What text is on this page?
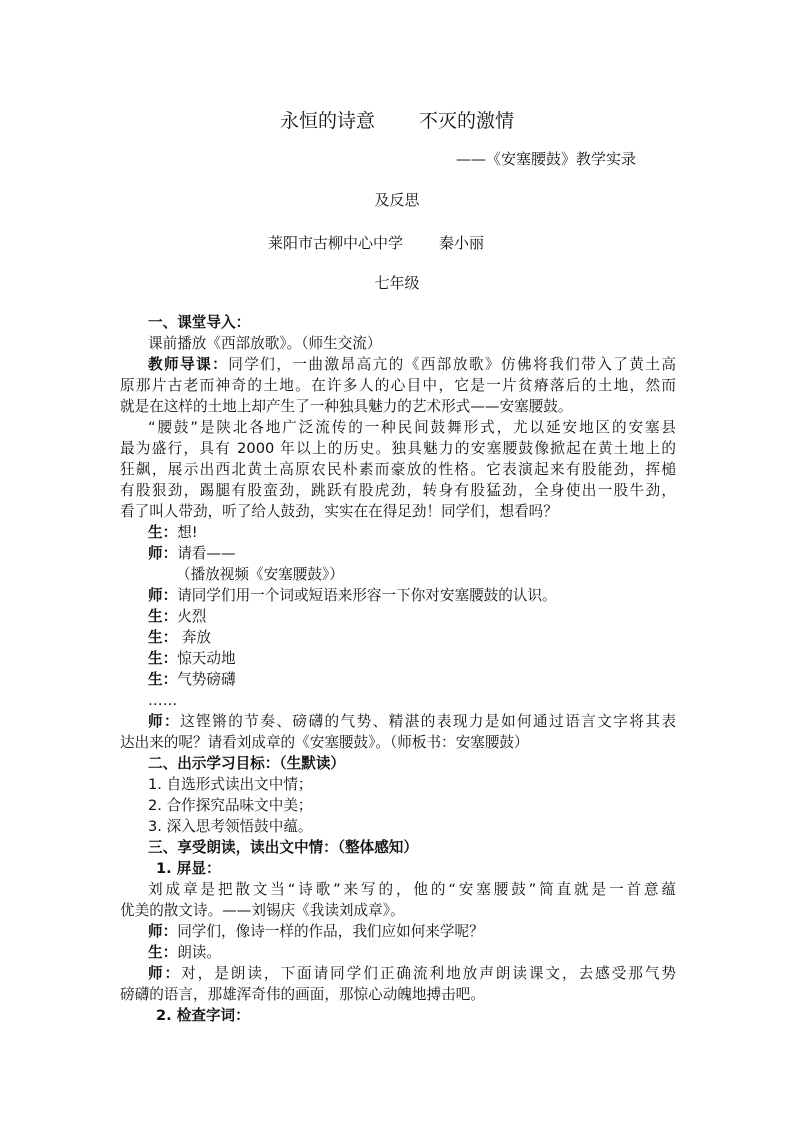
永恒的诗意 不灭的激情
——《安塞腰鼓》教学实录
及反思
莱阳市古柳中心中学 秦小丽
七年级

一、课堂导入：

课前播放《西部放歌》。（师生交流）

教师导课：同学们，一曲激昂高亢的《西部放歌》仿佛将我们带入了黄土高

原那片古老而神奇的土地。在许多人的心目中，它是一片贫瘠落后的土地，然而

就是在这样的土地上却产生了一种独具魅力的艺术形式——安塞腰鼓。

“腰鼓”是陕北各地广泛流传的一种民间鼓舞形式，尤以延安地区的安塞县

最为盛行，具有 2000 年以上的历史。独具魅力的安塞腰鼓像掀起在黄土地上的

狂飙，展示出西北黄土高原农民朴素而豪放的性格。它表演起来有股能劲，挥槌

有股狠劲，踢腿有股蛮劲，跳跃有股虎劲，转身有股猛劲，全身使出一股牛劲，

看了叫人带劲，听了给人鼓劲，实实在在得足劲！同学们，想看吗？

生：想!

师：请看——

（播放视频《安塞腰鼓》）

师：请同学们用一个词或短语来形容一下你对安塞腰鼓的认识。

生：火烈

生： 奔放

生：惊天动地

生：气势磅礴

……

师：这铿锵的节奏、磅礴的气势、精湛的表现力是如何通过语言文字将其表

达出来的呢？请看刘成章的《安塞腰鼓》。（师板书：安塞腰鼓）

二、出示学习目标：（生默读）

1. 自选形式读出文中情；

2. 合作探究品味文中美；

3. 深入思考领悟鼓中蕴。

三、享受朗读，读出文中情：（整体感知）

1. 屏显：

刘成章是把散文当“诗歌”来写的，他的“安塞腰鼓”简直就是一首意蕴

优美的散文诗。——刘锡庆《我读刘成章》。

师：同学们，像诗一样的作品，我们应如何来学呢？

生：朗读。

师：对，是朗读，下面请同学们正确流利地放声朗读课文，去感受那气势

磅礴的语言，那雄浑奇伟的画面，那惊心动魄地搏击吧。

2. 检查字词：
